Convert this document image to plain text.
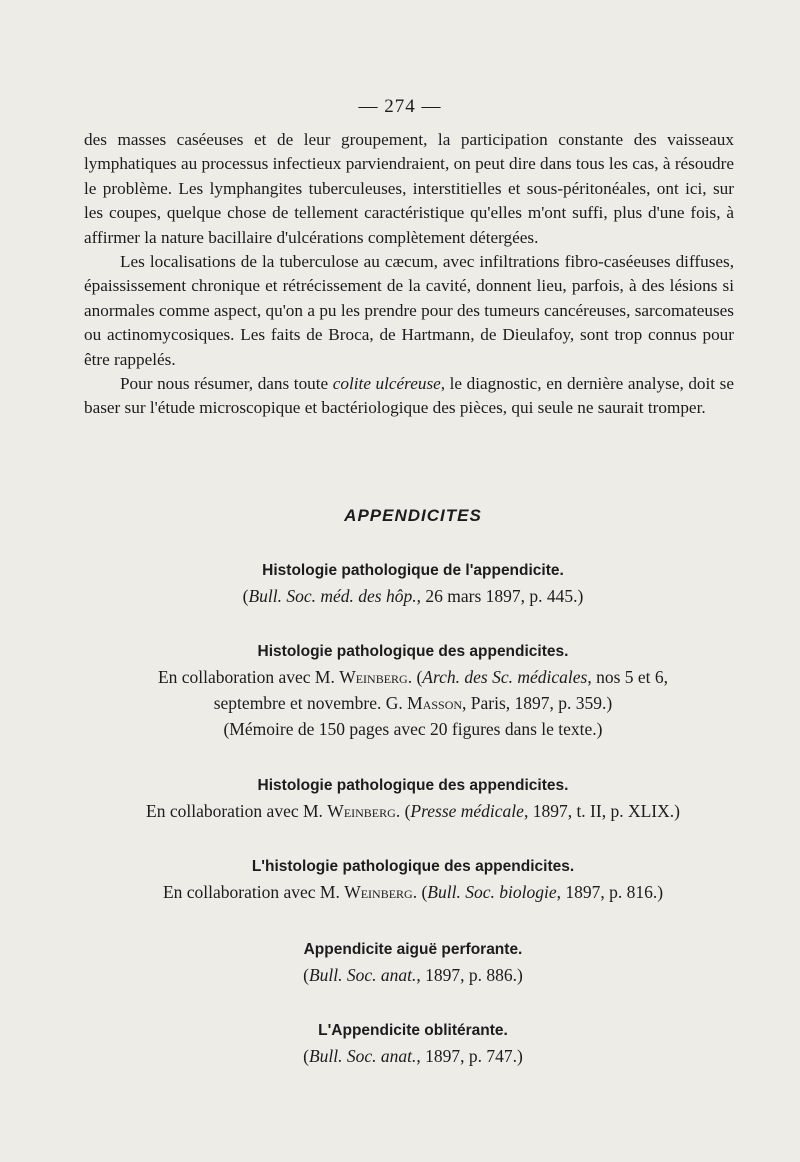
— 274 —

des masses caséeuses et de leur groupement, la participation constante des vaisseaux lymphatiques au processus infectieux parviendraient, on peut dire dans tous les cas, à résoudre le problème. Les lymphangites tuberculeuses, interstitielles et sous-péritonéales, ont ici, sur les coupes, quelque chose de tellement caractéristique qu'elles m'ont suffi, plus d'une fois, à affirmer la nature bacillaire d'ulcérations complètement détergées.

Les localisations de la tuberculose au cæcum, avec infiltrations fibro-caséeuses diffuses, épaississement chronique et rétrécissement de la cavité, donnent lieu, parfois, à des lésions si anormales comme aspect, qu'on a pu les prendre pour des tumeurs cancéreuses, sarcomateuses ou actinomycosiques. Les faits de Broca, de Hartmann, de Dieulafoy, sont trop connus pour être rappelés.

Pour nous résumer, dans toute colite ulcéreuse, le diagnostic, en dernière analyse, doit se baser sur l'étude microscopique et bactériologique des pièces, qui seule ne saurait tromper.

APPENDICITES
Histologie pathologique de l'appendicite.
(Bull. Soc. méd. des hôp., 26 mars 1897, p. 445.)
Histologie pathologique des appendicites.
En collaboration avec M. Weinberg. (Arch. des Sc. médicales, nos 5 et 6,
septembre et novembre. G. Masson, Paris, 1897, p. 359.)
(Mémoire de 150 pages avec 20 figures dans le texte.)
Histologie pathologique des appendicites.
En collaboration avec M. Weinberg. (Presse médicale, 1897, t. II, p. XLIX.)
L'histologie pathologique des appendicites.
En collaboration avec M. Weinberg. (Bull. Soc. biologie, 1897, p. 816.)
Appendicite aiguë perforante.
(Bull. Soc. anat., 1897, p. 886.)
L'Appendicite oblitérante.
(Bull. Soc. anat., 1897, p. 747.)
